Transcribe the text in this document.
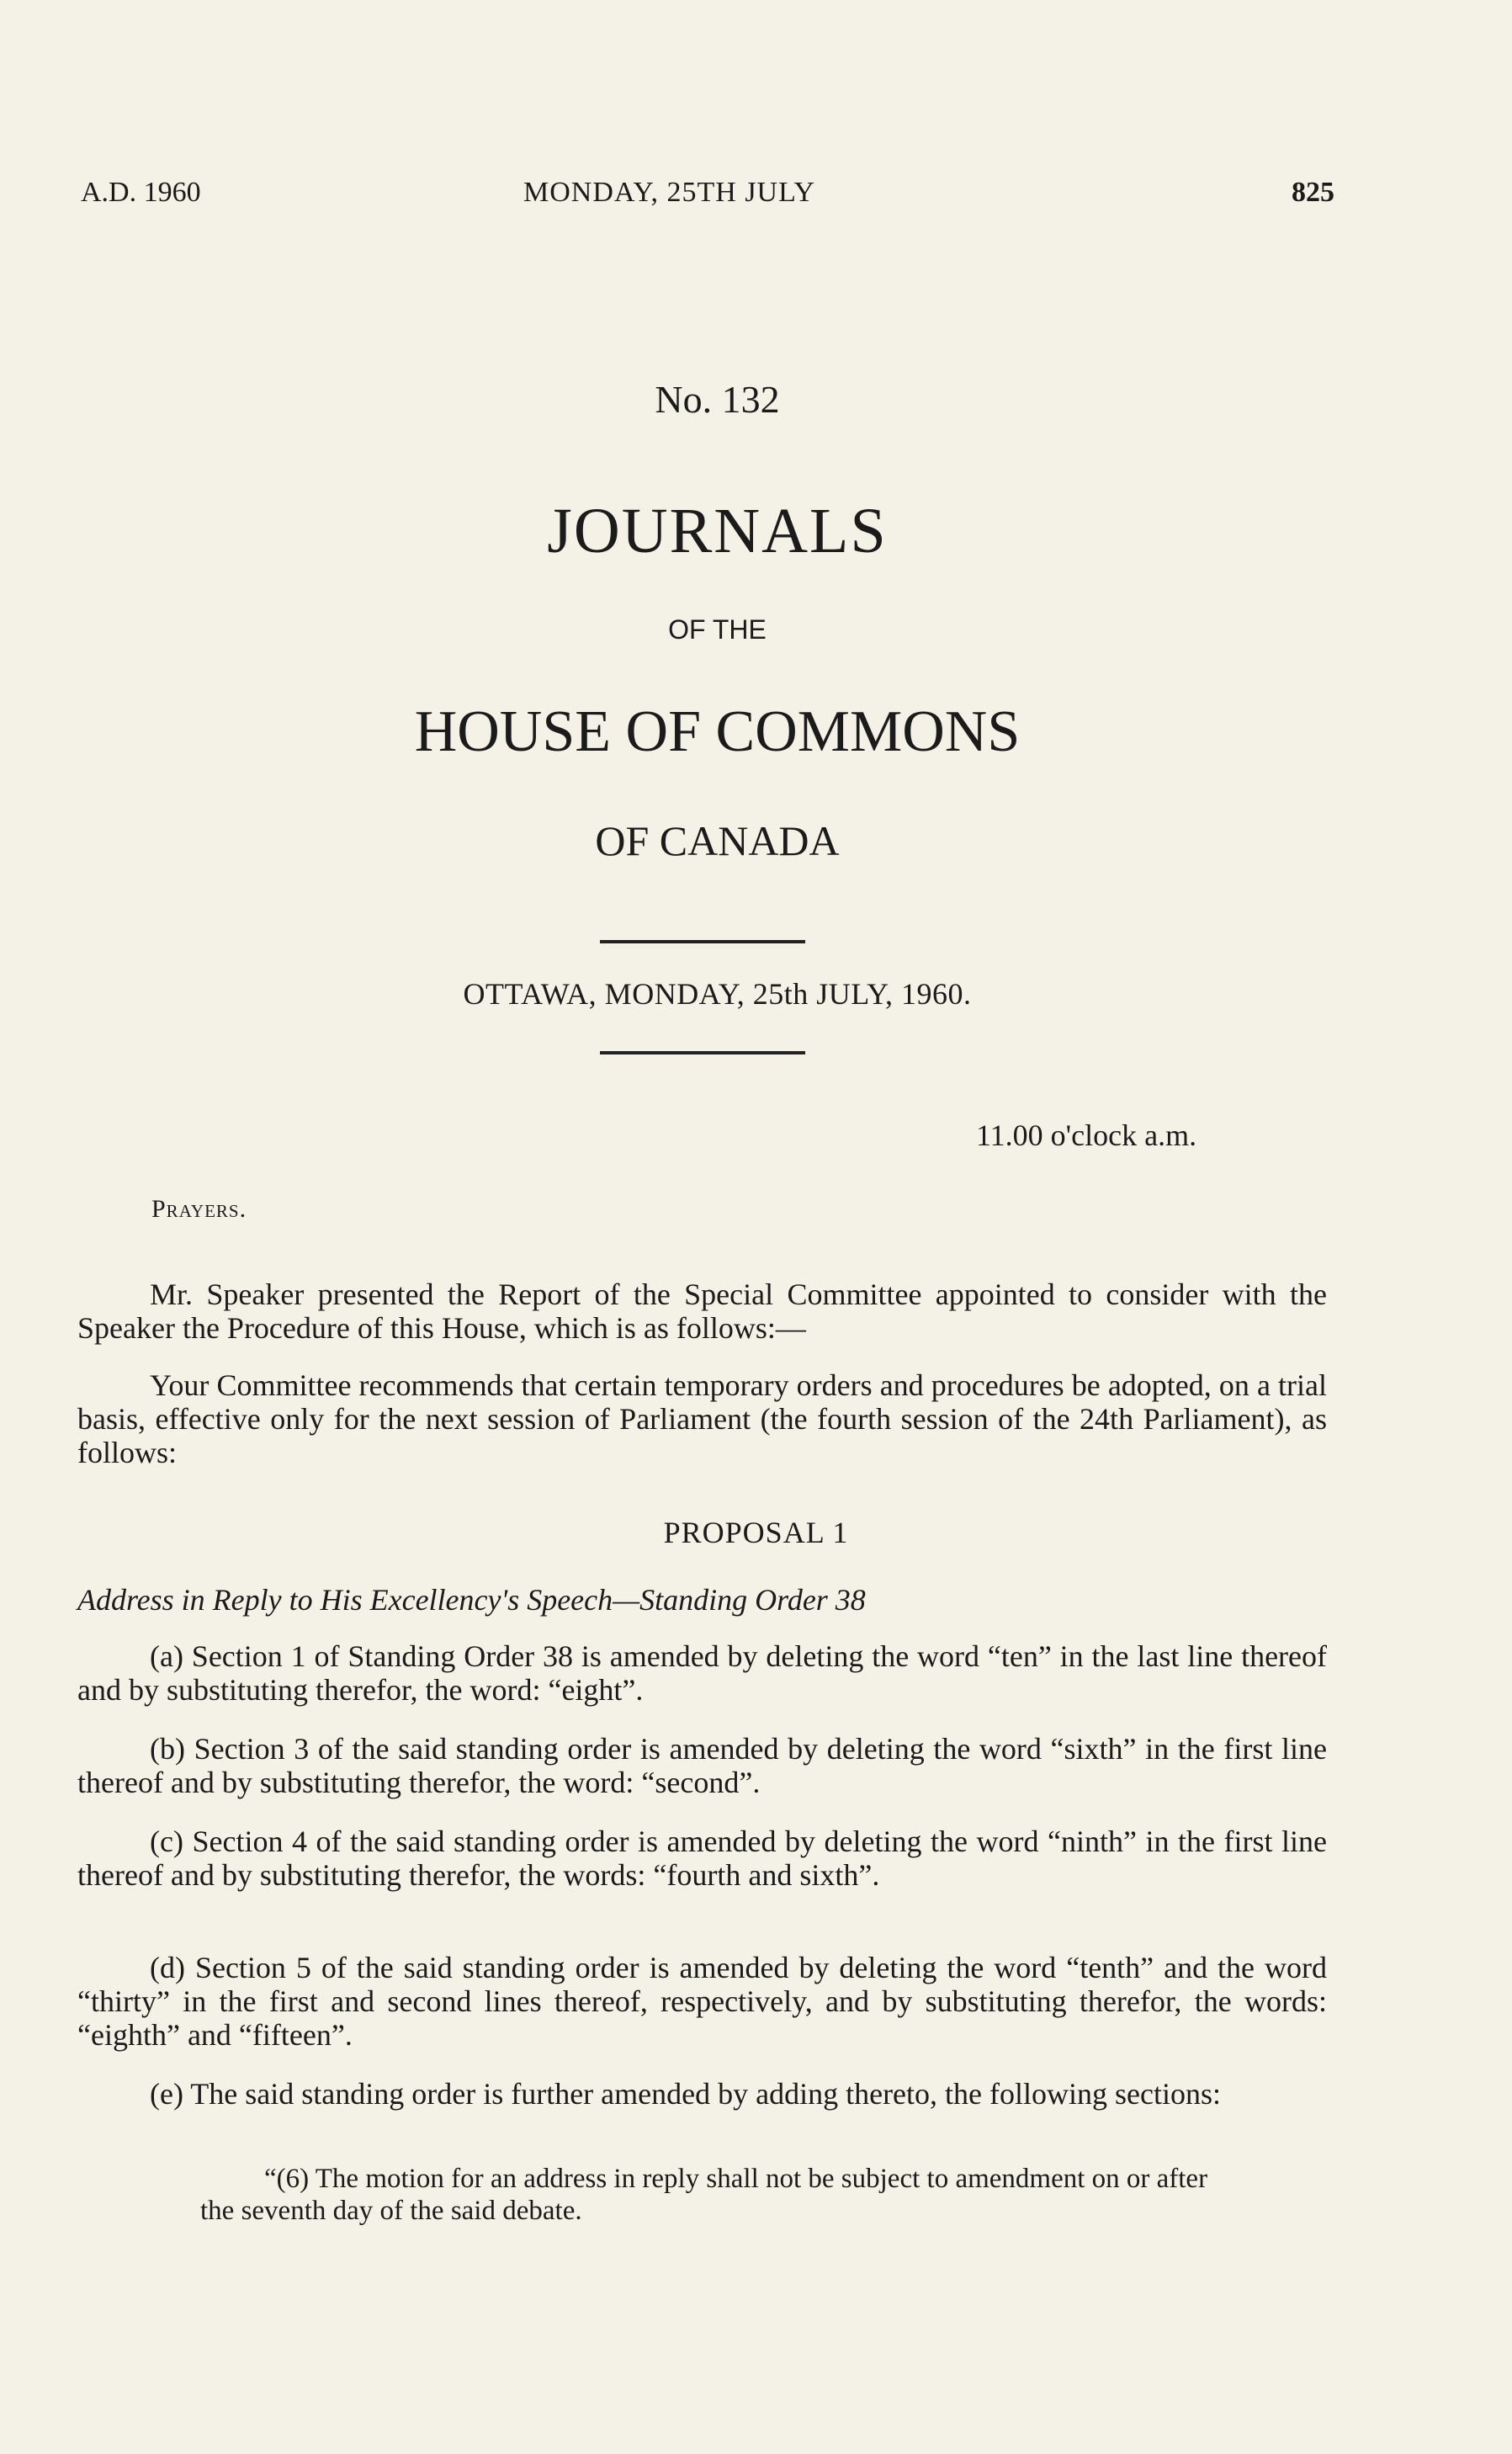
A.D. 1960	MONDAY, 25TH JULY	825
No. 132
JOURNALS
OF THE
HOUSE OF COMMONS
OF CANADA
OTTAWA, MONDAY, 25th JULY, 1960.
11.00 o'clock a.m.
Prayers.
Mr. Speaker presented the Report of the Special Committee appointed to consider with the Speaker the Procedure of this House, which is as follows:—
Your Committee recommends that certain temporary orders and procedures be adopted, on a trial basis, effective only for the next session of Parliament (the fourth session of the 24th Parliament), as follows:
PROPOSAL 1
Address in Reply to His Excellency's Speech—Standing Order 38
(a) Section 1 of Standing Order 38 is amended by deleting the word “ten” in the last line thereof and by substituting therefor, the word: “eight”.
(b) Section 3 of the said standing order is amended by deleting the word “sixth” in the first line thereof and by substituting therefor, the word: “second”.
(c) Section 4 of the said standing order is amended by deleting the word “ninth” in the first line thereof and by substituting therefor, the words: “fourth and sixth”.
(d) Section 5 of the said standing order is amended by deleting the word “tenth” and the word “thirty” in the first and second lines thereof, respectively, and by substituting therefor, the words: “eighth” and “fifteen”.
(e) The said standing order is further amended by adding thereto, the following sections:
“(6) The motion for an address in reply shall not be subject to amendment on or after the seventh day of the said debate.
